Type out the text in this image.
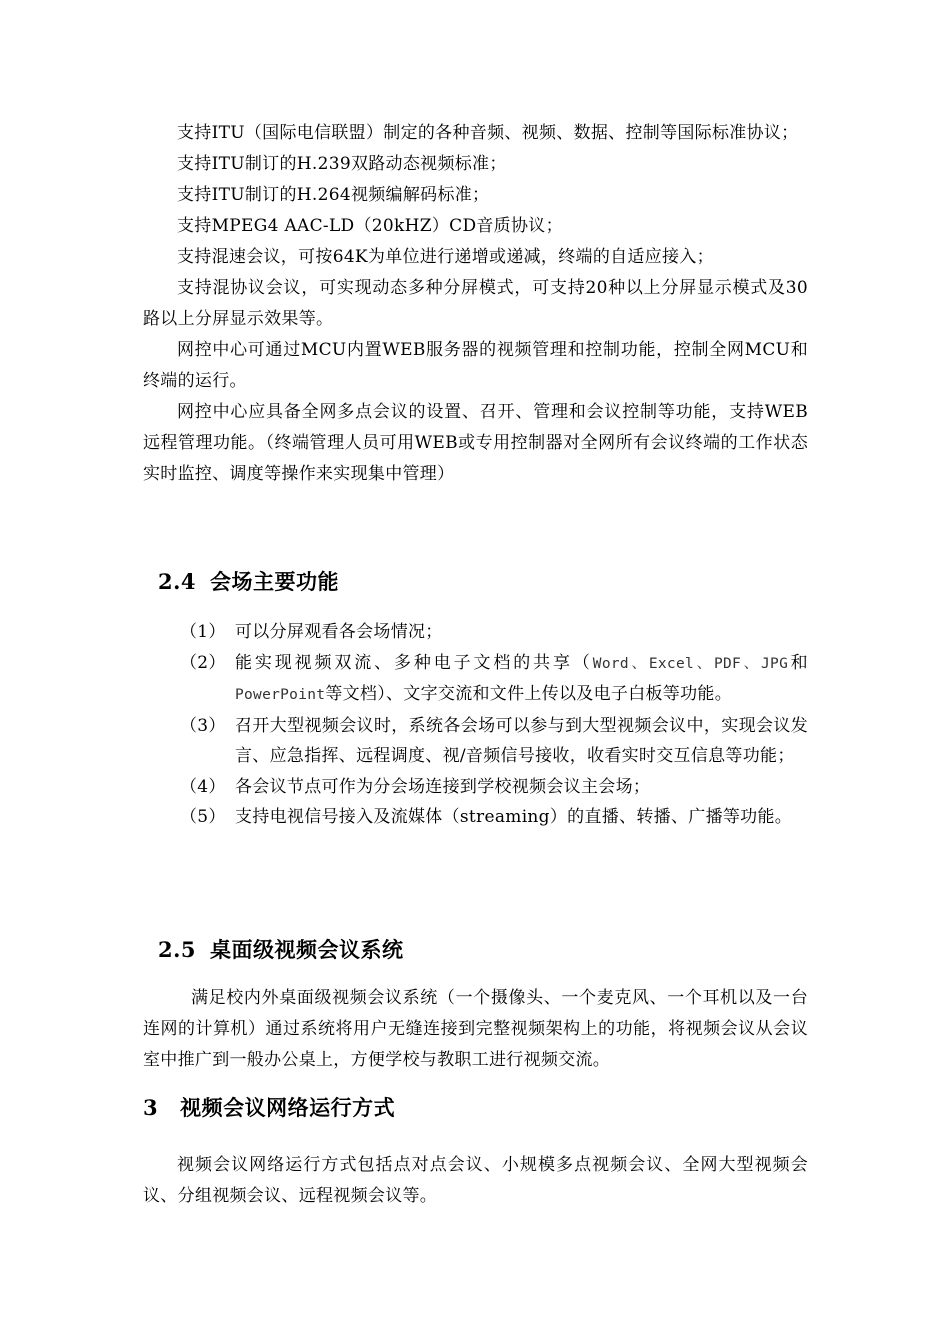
支持ITU（国际电信联盟）制定的各种音频、视频、数据、控制等国际标准协议；

支持ITU制订的H.239双路动态视频标准；

支持ITU制订的H.264视频编解码标准；

支持MPEG4 AAC-LD（20kHZ）CD音质协议；

支持混速会议，可按64K为单位进行递增或递减，终端的自适应接入；

支持混协议会议，可实现动态多种分屏模式，可支持20种以上分屏显示模式及30路以上分屏显示效果等。

网控中心可通过MCU内置WEB服务器的视频管理和控制功能，控制全网MCU和终端的运行。

网控中心应具备全网多点会议的设置、召开、管理和会议控制等功能，支持WEB远程管理功能。（终端管理人员可用WEB或专用控制器对全网所有会议终端的工作状态实时监控、调度等操作来实现集中管理）

2.4 会场主要功能
（1） 可以分屏观看各会场情况；
（2） 能实现视频双流、多种电子文档的共享（Word、Excel、PDF、JPG和PowerPoint等文档）、文字交流和文件上传以及电子白板等功能。
（3） 召开大型视频会议时，系统各会场可以参与到大型视频会议中，实现会议发言、应急指挥、远程调度、视/音频信号接收，收看实时交互信息等功能；
（4） 各会议节点可作为分会场连接到学校视频会议主会场；
（5） 支持电视信号接入及流媒体（streaming）的直播、转播、广播等功能。
2.5 桌面级视频会议系统

满足校内外桌面级视频会议系统（一个摄像头、一个麦克风、一个耳机以及一台连网的计算机）通过系统将用户无缝连接到完整视频架构上的功能，将视频会议从会议室中推广到一般办公桌上，方便学校与教职工进行视频交流。

3 视频会议网络运行方式

视频会议网络运行方式包括点对点会议、小规模多点视频会议、全网大型视频会议、分组视频会议、远程视频会议等。
